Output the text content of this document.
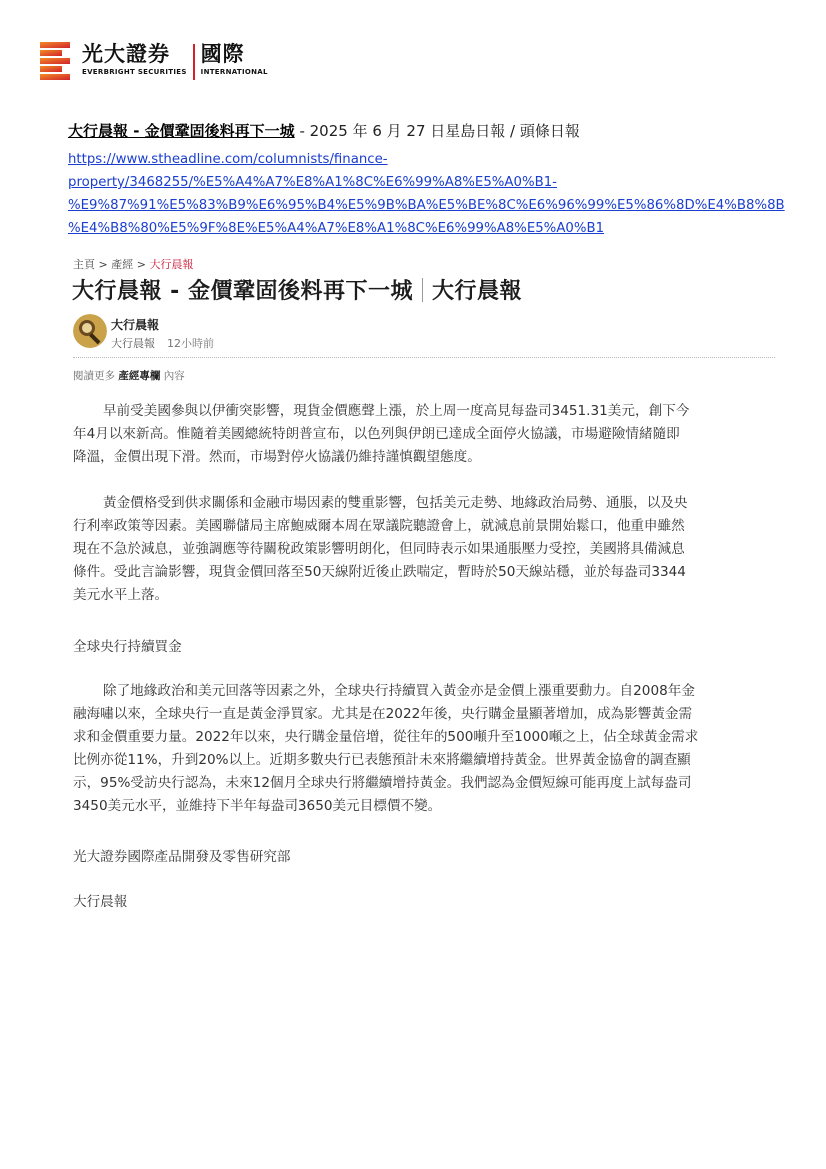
光大證券
EVERBRIGHT SECURITIES
國際
INTERNATIONAL
大行晨報 - 金價鞏固後料再下一城 - 2025 年 6 月 27 日星島日報 / 頭條日報
https://www.stheadline.com/columnists/finance-
property/3468255/%E5%A4%A7%E8%A1%8C%E6%99%A8%E5%A0%B1-
%E9%87%91%E5%83%B9%E6%95%B4%E5%9B%BA%E5%BE%8C%E6%96%99%E5%86%8D%E4%B8%8B
%E4%B8%80%E5%9F%8E%E5%A4%A7%E8%A1%8C%E6%99%A8%E5%A0%B1
主頁 > 產經 > 大行晨報
大行晨報 - 金價鞏固後料再下一城 大行晨報
大行晨報
大行晨報 12小時前
閱讀更多 產經專欄 內容
早前受美國參與以伊衝突影響，現貨金價應聲上漲，於上周一度高見每盎司3451.31美元，創下今
年4月以來新高。惟隨着美國總統特朗普宣布，以色列與伊朗已達成全面停火協議，市場避險情緒隨即
降溫，金價出現下滑。然而，市場對停火協議仍維持謹慎觀望態度。
黃金價格受到供求關係和金融市場因素的雙重影響，包括美元走勢、地緣政治局勢、通脹，以及央
行利率政策等因素。美國聯儲局主席鮑威爾本周在眾議院聽證會上，就減息前景開始鬆口，他重申雖然
現在不急於減息，並強調應等待關稅政策影響明朗化，但同時表示如果通脹壓力受控，美國將具備減息
條件。受此言論影響，現貨金價回落至50天線附近後止跌喘定，暫時於50天線站穩，並於每盎司3344
美元水平上落。
全球央行持續買金
除了地緣政治和美元回落等因素之外，全球央行持續買入黃金亦是金價上漲重要動力。自2008年金
融海嘯以來，全球央行一直是黃金淨買家。尤其是在2022年後，央行購金量顯著增加，成為影響黃金需
求和金價重要力量。2022年以來，央行購金量倍增，從往年的500噸升至1000噸之上，佔全球黃金需求
比例亦從11%，升到20%以上。近期多數央行已表態預計未來將繼續增持黃金。世界黃金協會的調查顯
示，95%受訪央行認為，未來12個月全球央行將繼續增持黃金。我們認為金價短線可能再度上試每盎司
3450美元水平，並維持下半年每盎司3650美元目標價不變。
光大證券國際產品開發及零售研究部
大行晨報
